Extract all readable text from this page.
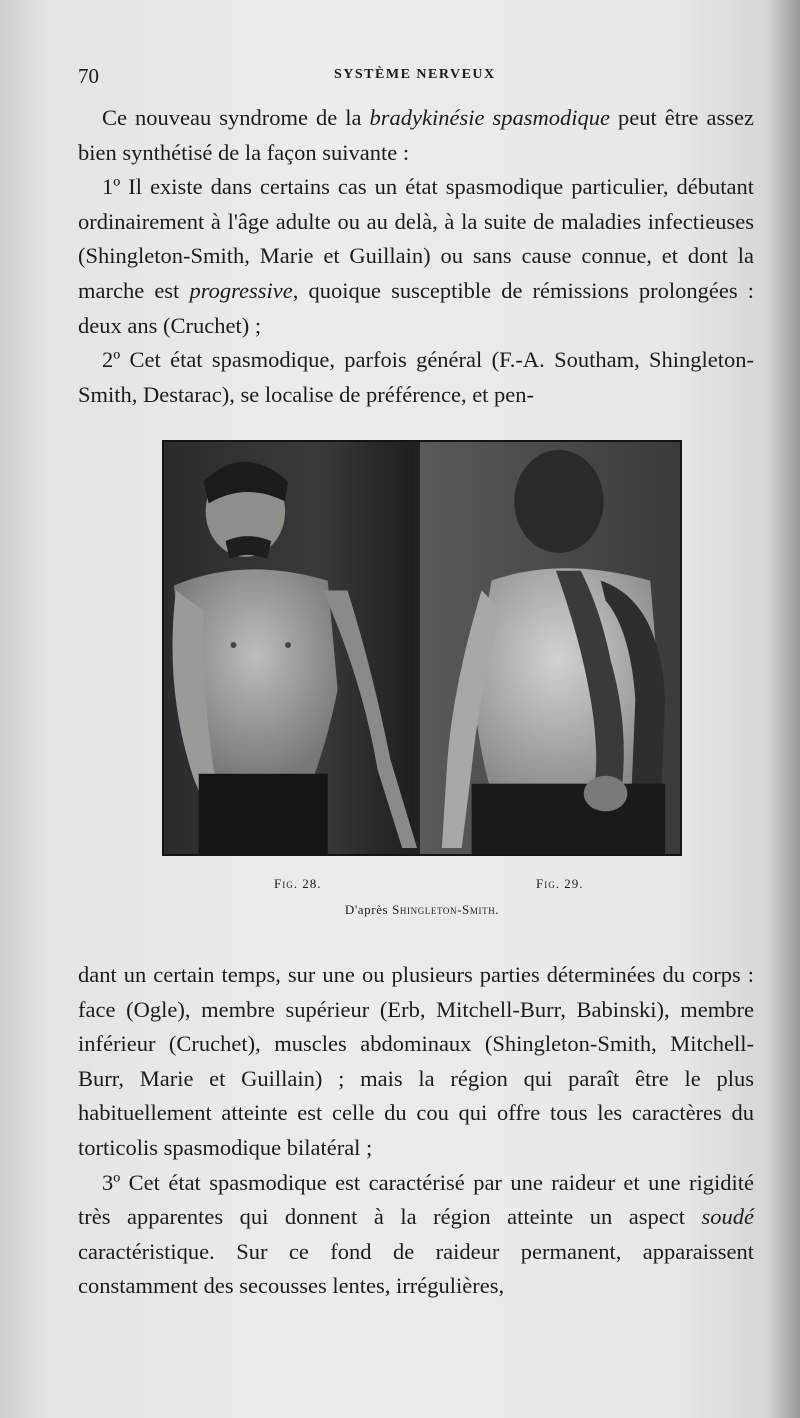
70	SYSTÈME NERVEUX

Ce nouveau syndrome de la bradykinésie spasmodique peut être assez bien synthétisé de la façon suivante :

1º Il existe dans certains cas un état spasmodique particulier, débutant ordinairement à l'âge adulte ou au delà, à la suite de maladies infectieuses (Shingleton-Smith, Marie et Guillain) ou sans cause connue, et dont la marche est progressive, quoique susceptible de rémissions prolongées : deux ans (Cruchet) ;

2º Cet état spasmodique, parfois général (F.-A. Southam, Shingleton-Smith, Destarac), se localise de préférence, et pen-

Fig. 28.	Fig. 29.
D'après Shingleton-Smith.

dant un certain temps, sur une ou plusieurs parties déterminées du corps : face (Ogle), membre supérieur (Erb, Mitchell-Burr, Babinski), membre inférieur (Cruchet), muscles abdominaux (Shingleton-Smith, Mitchell-Burr, Marie et Guillain) ; mais la région qui paraît être le plus habituellement atteinte est celle du cou qui offre tous les caractères du torticolis spasmodique bilatéral ;

3º Cet état spasmodique est caractérisé par une raideur et une rigidité très apparentes qui donnent à la région atteinte un aspect soudé caractéristique. Sur ce fond de raideur permanent, apparaissent constamment des secousses lentes, irrégulières,
